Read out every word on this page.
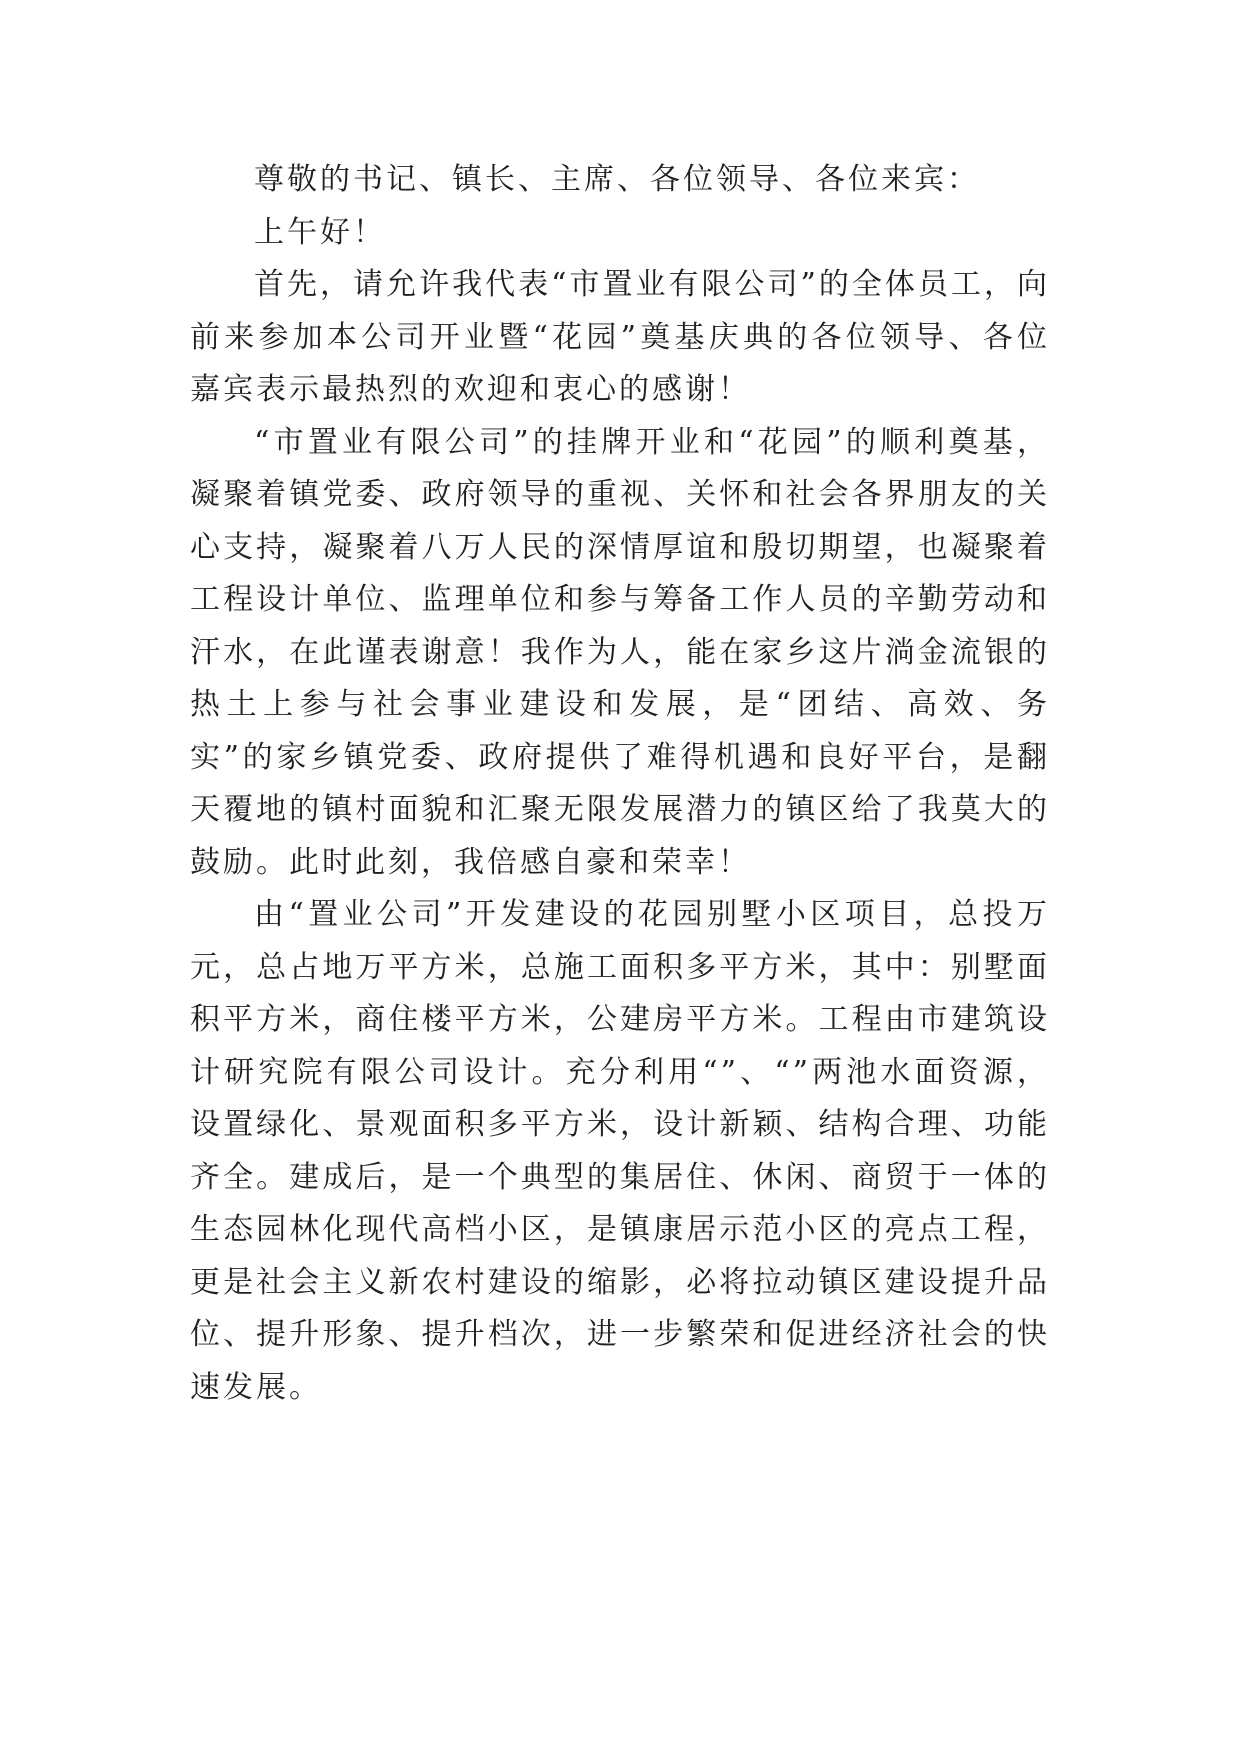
尊敬的书记、镇长、主席、各位领导、各位来宾：

上午好！

首先，请允许我代表“市置业有限公司”的全体员工，向前来参加本公司开业暨“花园”奠基庆典的各位领导、各位嘉宾表示最热烈的欢迎和衷心的感谢！

“市置业有限公司”的挂牌开业和“花园”的顺利奠基，凝聚着镇党委、政府领导的重视、关怀和社会各界朋友的关心支持，凝聚着八万人民的深情厚谊和殷切期望，也凝聚着工程设计单位、监理单位和参与筹备工作人员的辛勤劳动和汗水，在此谨表谢意！我作为人，能在家乡这片淌金流银的热土上参与社会事业建设和发展，是“团结、高效、务实”的家乡镇党委、政府提供了难得机遇和良好平台，是翻天覆地的镇村面貌和汇聚无限发展潜力的镇区给了我莫大的鼓励。此时此刻，我倍感自豪和荣幸！

由“置业公司”开发建设的花园别墅小区项目，总投万元，总占地万平方米，总施工面积多平方米，其中：别墅面积平方米，商住楼平方米，公建房平方米。工程由市建筑设计研究院有限公司设计。充分利用“”、“”两池水面资源，设置绿化、景观面积多平方米，设计新颖、结构合理、功能齐全。建成后，是一个典型的集居住、休闲、商贸于一体的生态园林化现代高档小区，是镇康居示范小区的亮点工程，更是社会主义新农村建设的缩影，必将拉动镇区建设提升品位、提升形象、提升档次，进一步繁荣和促进经济社会的快速发展。
